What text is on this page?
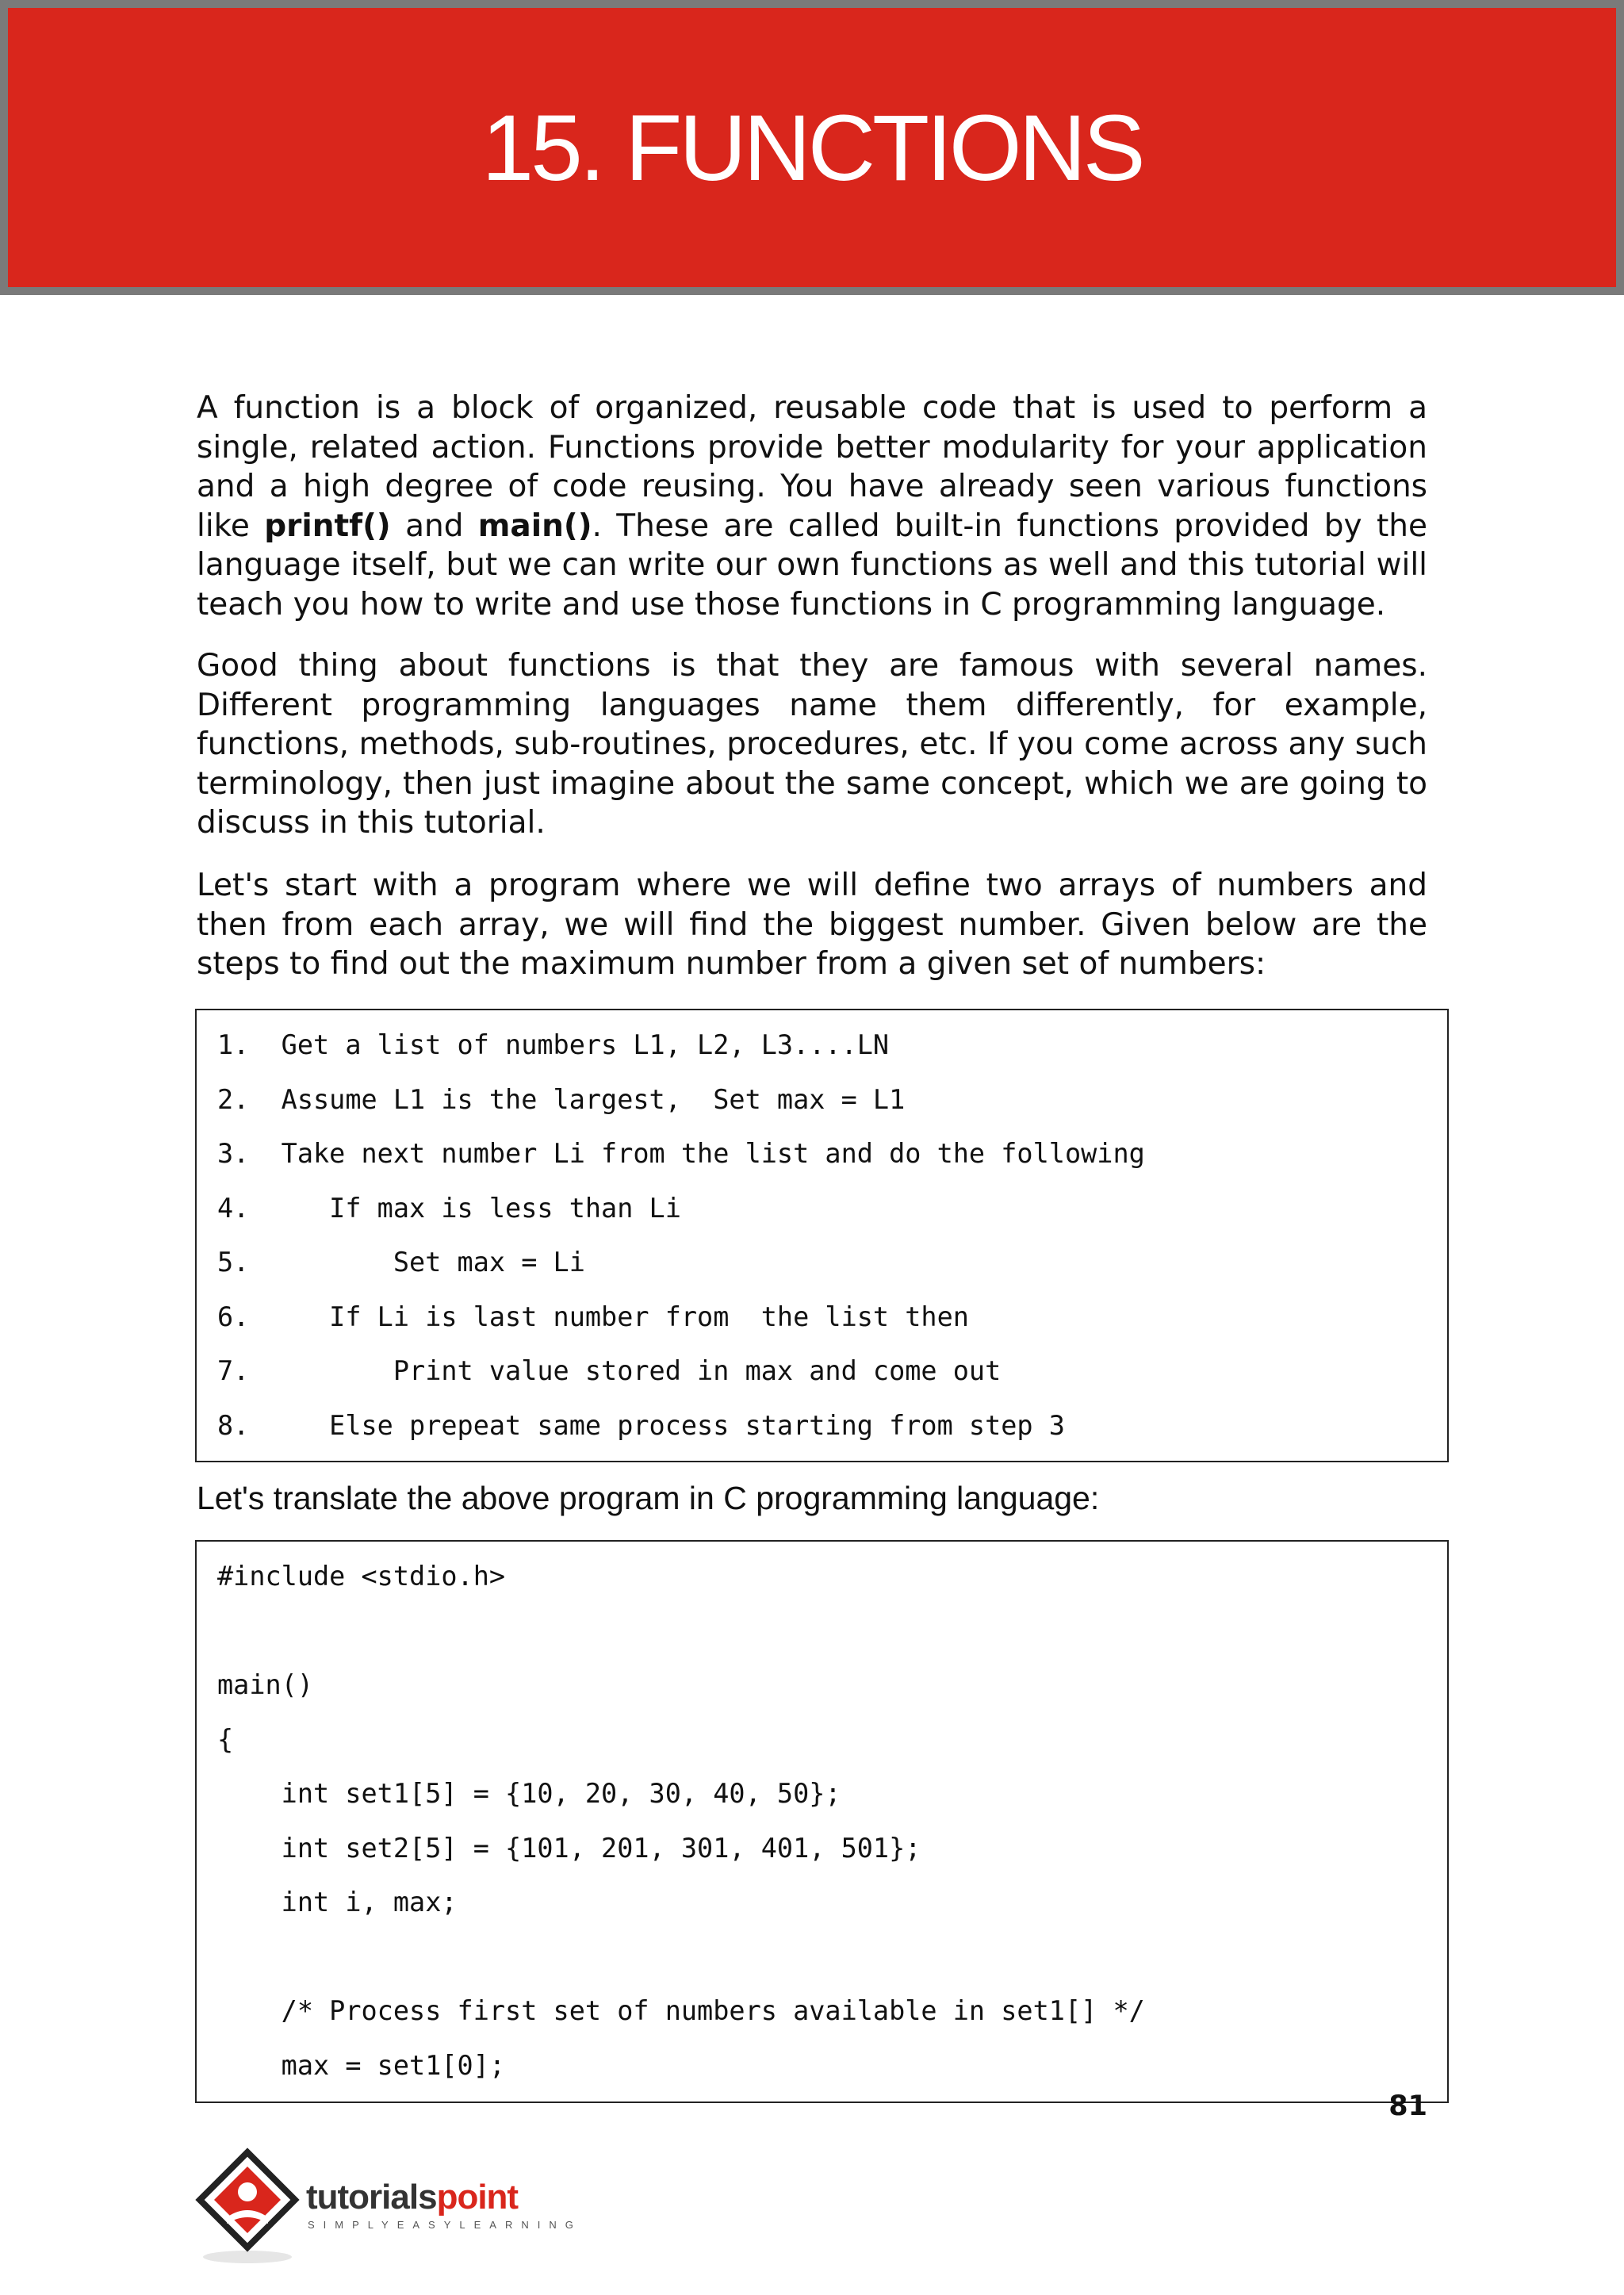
15. FUNCTIONS

A function is a block of organized, reusable code that is used to perform a single, related action. Functions provide better modularity for your application and a high degree of code reusing. You have already seen various functions like printf() and main(). These are called built-in functions provided by the language itself, but we can write our own functions as well and this tutorial will teach you how to write and use those functions in C programming language.

Good thing about functions is that they are famous with several names. Different programming languages name them differently, for example, functions, methods, sub-routines, procedures, etc. If you come across any such terminology, then just imagine about the same concept, which we are going to discuss in this tutorial.

Let's start with a program where we will define two arrays of numbers and then from each array, we will find the biggest number. Given below are the steps to find out the maximum number from a given set of numbers:

1.  Get a list of numbers L1, L2, L3....LN
2.  Assume L1 is the largest,  Set max = L1
3.  Take next number Li from the list and do the following
4.     If max is less than Li
5.         Set max = Li
6.     If Li is last number from  the list then
7.         Print value stored in max and come out
8.     Else prepeat same process starting from step 3

Let's translate the above program in C programming language:

#include <stdio.h>
main()
{
int set1[5] = {10, 20, 30, 40, 50};
int set2[5] = {101, 201, 301, 401, 501};
int i, max;
/* Process first set of numbers available in set1[] */
max = set1[0];
81
tutorialspoint
SIMPLYEASYLEARNING
